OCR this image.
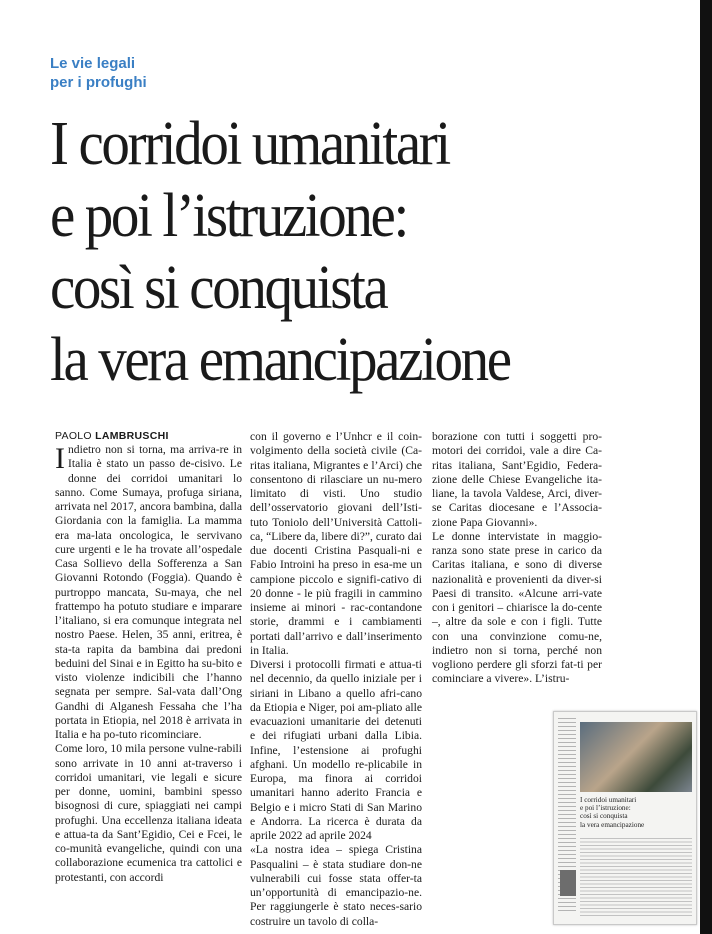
Le vie legali
per i profughi
I corridoi umanitari
e poi l’istruzione:
così si conquista
la vera emancipazione
PAOLO LAMBRUSCHI

Indietro non si torna, ma arriva-re in Italia è stato un passo de-cisivo. Le donne dei corridoi umanitari lo sanno. Come Sumaya, profuga siriana, arrivata nel 2017, ancora bambina, dalla Giordania con la famiglia. La mamma era ma-lata oncologica, le servivano cure urgenti e le ha trovate all’ospedale Casa Sollievo della Sofferenza a San Giovanni Rotondo (Foggia). Quando è purtroppo mancata, Su-maya, che nel frattempo ha potuto studiare e imparare l’italiano, si era comunque integrata nel nostro Paese. Helen, 35 anni, eritrea, è sta-ta rapita da bambina dai predoni beduini del Sinai e in Egitto ha su-bito e visto violenze indicibili che l’hanno segnata per sempre. Sal-vata dall’Ong Gandhi di Alganesh Fessaha che l’ha portata in Etiopia, nel 2018 è arrivata in Italia e ha po-tuto ricominciare.

Come loro, 10 mila persone vulne-rabili sono arrivate in 10 anni at-traverso i corridoi umanitari, vie legali e sicure per donne, uomini, bambini spesso bisognosi di cure, spiaggiati nei campi profughi. Una eccellenza italiana ideata e attua-ta da Sant’Egidio, Cei e Fcei, le co-munità evangeliche, quindi con una collaborazione ecumenica tra cattolici e protestanti, con accordi

con il governo e l’Unhcr e il coin-volgimento della società civile (Ca-ritas italiana, Migrantes e l’Arci) che consentono di rilasciare un nu-mero limitato di visti. Uno studio dell’osservatorio giovani dell’Isti-tuto Toniolo dell’Università Cattoli-ca, “Libere da, libere di?”, curato dai due docenti Cristina Pasquali-ni e Fabio Introini ha preso in esa-me un campione piccolo e signifi-cativo di 20 donne - le più fragili in cammino insieme ai minori - rac-contandone storie, drammi e i cambiamenti portati dall’arrivo e dall’inserimento in Italia.

Diversi i protocolli firmati e attua-ti nel decennio, da quello iniziale per i siriani in Libano a quello afri-cano da Etiopia e Niger, poi am-pliato alle evacuazioni umanitarie dei detenuti e dei rifugiati urbani dalla Libia. Infine, l’estensione ai profughi afghani. Un modello re-plicabile in Europa, ma finora ai corridoi umanitari hanno aderito Francia e Belgio e i micro Stati di San Marino e Andorra. La ricerca è durata da aprile 2022 ad aprile 2024

«La nostra idea – spiega Cristina Pasqualini – è stata studiare don-ne vulnerabili cui fosse stata offer-ta un’opportunità di emancipazio-ne. Per raggiungerle è stato neces-sario costruire un tavolo di colla-

borazione con tutti i soggetti pro-motori dei corridoi, vale a dire Ca-ritas italiana, Sant’Egidio, Federa-zione delle Chiese Evangeliche ita-liane, la tavola Valdese, Arci, diver-se Caritas diocesane e l’Associa-zione Papa Giovanni».

Le donne intervistate in maggio-ranza sono state prese in carico da Caritas italiana, e sono di diverse nazionalità e provenienti da diver-si Paesi di transito. «Alcune arri-vate con i genitori – chiarisce la do-cente –, altre da sole e con i figli. Tutte con una convinzione comu-ne, indietro non si torna, perché non vogliono perdere gli sforzi fat-ti per cominciare a vivere». L’istru-

I corridoi umanitari
e poi l’istruzione:
così si conquista
la vera emancipazione
